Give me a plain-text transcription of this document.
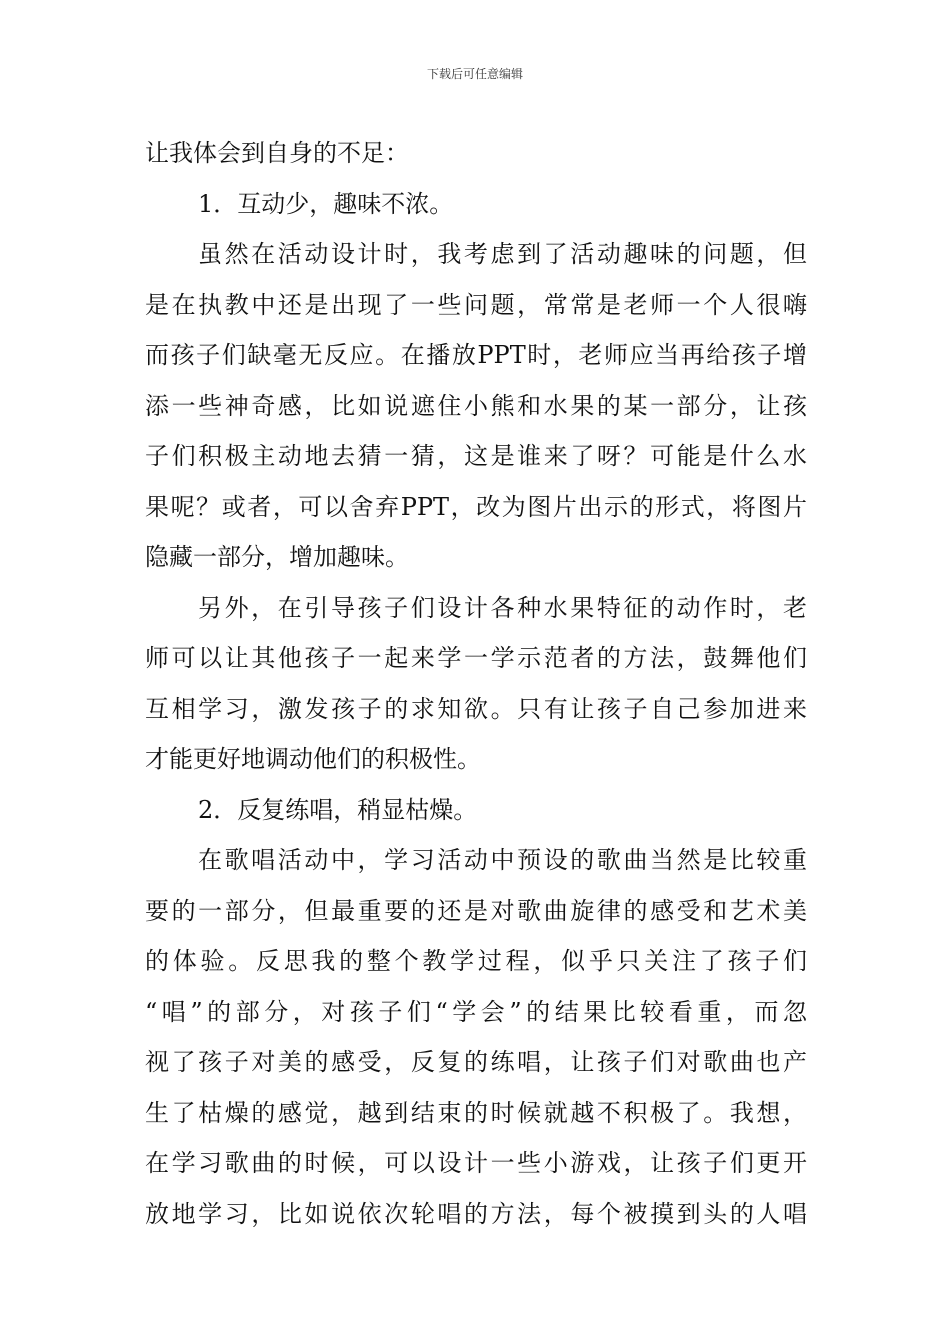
下载后可任意编辑
让我体会到自身的不足：
1．互动少，趣味不浓。
虽然在活动设计时，我考虑到了活动趣味的问题，但
是在执教中还是出现了一些问题，常常是老师一个人很嗨
而孩子们缺毫无反应。在播放PPT时，老师应当再给孩子增
添一些神奇感，比如说遮住小熊和水果的某一部分，让孩
子们积极主动地去猜一猜，这是谁来了呀？可能是什么水
果呢？或者，可以舍弃PPT，改为图片出示的形式，将图片
隐藏一部分，增加趣味。
另外，在引导孩子们设计各种水果特征的动作时，老
师可以让其他孩子一起来学一学示范者的方法，鼓舞他们
互相学习，激发孩子的求知欲。只有让孩子自己参加进来
才能更好地调动他们的积极性。
2．反复练唱，稍显枯燥。
在歌唱活动中，学习活动中预设的歌曲当然是比较重
要的一部分，但最重要的还是对歌曲旋律的感受和艺术美
的体验。反思我的整个教学过程，似乎只关注了孩子们
“唱”的部分，对孩子们“学会”的结果比较看重，而忽
视了孩子对美的感受，反复的练唱，让孩子们对歌曲也产
生了枯燥的感觉，越到结束的时候就越不积极了。我想，
在学习歌曲的时候，可以设计一些小游戏，让孩子们更开
放地学习，比如说依次轮唱的方法，每个被摸到头的人唱
